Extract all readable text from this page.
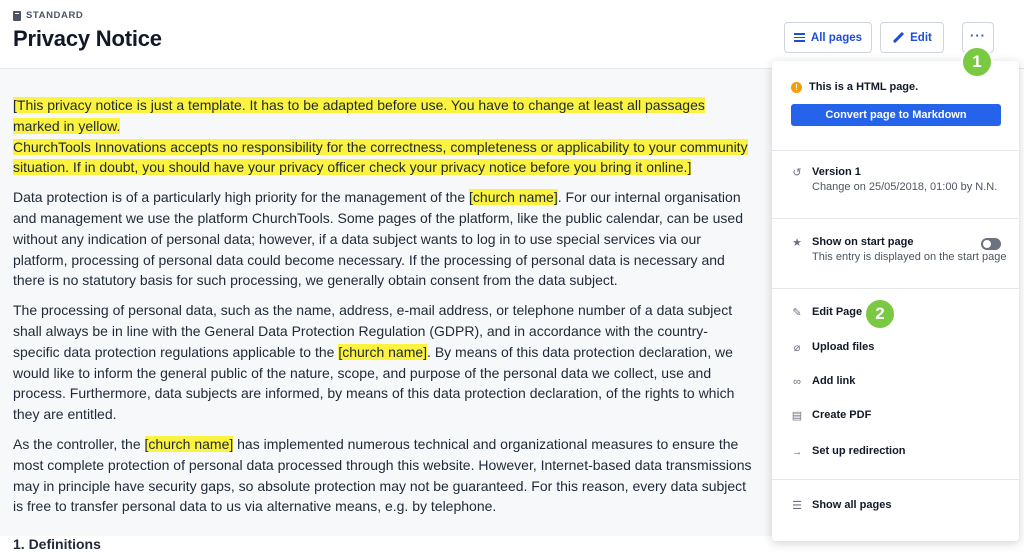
STANDARD
Privacy Notice	All pages	Edit	···

[This privacy notice is just a template. It has to be adapted before use. You have to change at least all passages marked in yellow.
ChurchTools Innovations accepts no responsibility for the correctness, completeness or applicability to your community situation. If in doubt, you should have your privacy officer check your privacy notice before you bring it online.]

Data protection is of a particularly high priority for the management of the [church name]. For our internal organisation and management we use the platform ChurchTools. Some pages of the platform, like the public calendar, can be used without any indication of personal data; however, if a data subject wants to log in to use special services via our platform, processing of personal data could become necessary. If the processing of personal data is necessary and there is no statutory basis for such processing, we generally obtain consent from the data subject.

The processing of personal data, such as the name, address, e-mail address, or telephone number of a data subject shall always be in line with the General Data Protection Regulation (GDPR), and in accordance with the country-specific data protection regulations applicable to the [church name]. By means of this data protection declaration, we would like to inform the general public of the nature, scope, and purpose of the personal data we collect, use and process. Furthermore, data subjects are informed, by means of this data protection declaration, of the rights to which they are entitled.

As the controller, the [church name] has implemented numerous technical and organizational measures to ensure the most complete protection of personal data processed through this website. However, Internet-based data transmissions may in principle have security gaps, so absolute protection may not be guaranteed. For this reason, every data subject is free to transfer personal data to us via alternative means, e.g. by telephone.

1. Definitions
!	This is a HTML page.
Convert page to Markdown
↺ Version 1
Change on 25/05/2018, 01:00 by N.N.
★ Show on start page
This entry is displayed on the start page
✎ Edit Page
⌀ Upload files
∞ Add link
▤ Create PDF
→ Set up redirection
☰ Show all pages
1
2
